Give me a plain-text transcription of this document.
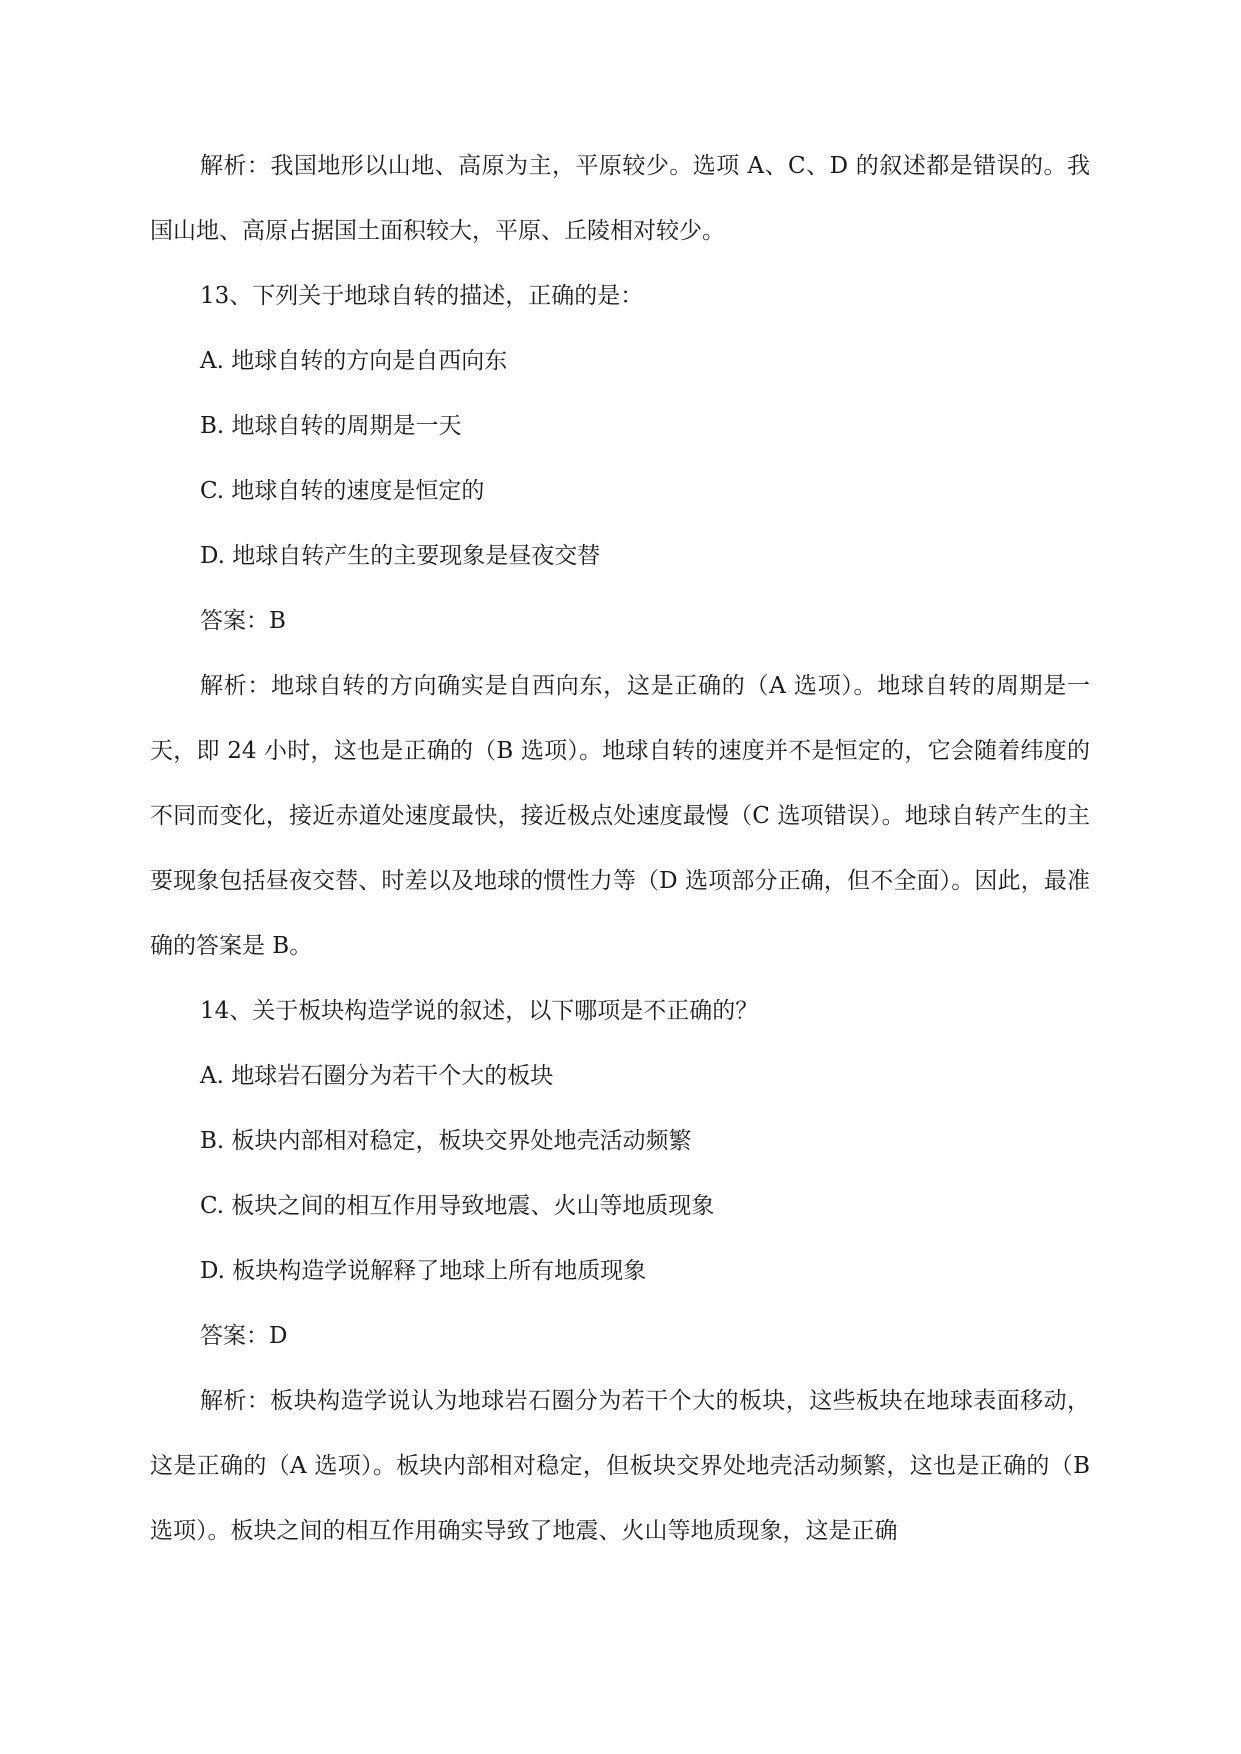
解析：我国地形以山地、高原为主，平原较少。选项 A、C、D 的叙述都是错误的。我国山地、高原占据国土面积较大，平原、丘陵相对较少。

13、下列关于地球自转的描述，正确的是：

A. 地球自转的方向是自西向东

B. 地球自转的周期是一天

C. 地球自转的速度是恒定的

D. 地球自转产生的主要现象是昼夜交替

答案：B

解析：地球自转的方向确实是自西向东，这是正确的（A 选项）。地球自转的周期是一天，即 24 小时，这也是正确的（B 选项）。地球自转的速度并不是恒定的，它会随着纬度的不同而变化，接近赤道处速度最快，接近极点处速度最慢（C 选项错误）。地球自转产生的主要现象包括昼夜交替、时差以及地球的惯性力等（D 选项部分正确，但不全面）。因此，最准确的答案是 B。

14、关于板块构造学说的叙述，以下哪项是不正确的？

A. 地球岩石圈分为若干个大的板块

B. 板块内部相对稳定，板块交界处地壳活动频繁

C. 板块之间的相互作用导致地震、火山等地质现象

D. 板块构造学说解释了地球上所有地质现象

答案：D

解析：板块构造学说认为地球岩石圈分为若干个大的板块，这些板块在地球表面移动，这是正确的（A 选项）。板块内部相对稳定，但板块交界处地壳活动频繁，这也是正确的（B 选项）。板块之间的相互作用确实导致了地震、火山等地质现象，这是正确
